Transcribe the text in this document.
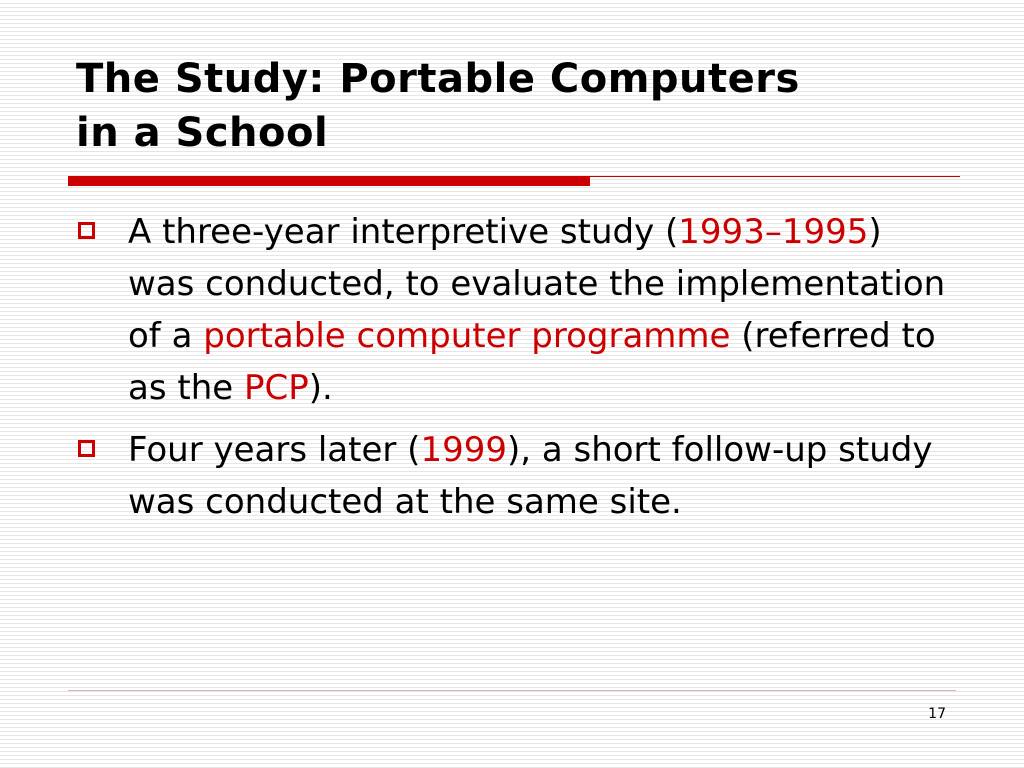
The Study: Portable Computers
in a School
A three-year interpretive study (1993–1995) was conducted, to evaluate the implementation of a portable computer programme (referred to as the PCP).
Four years later (1999), a short follow-up study was conducted at the same site.
17
